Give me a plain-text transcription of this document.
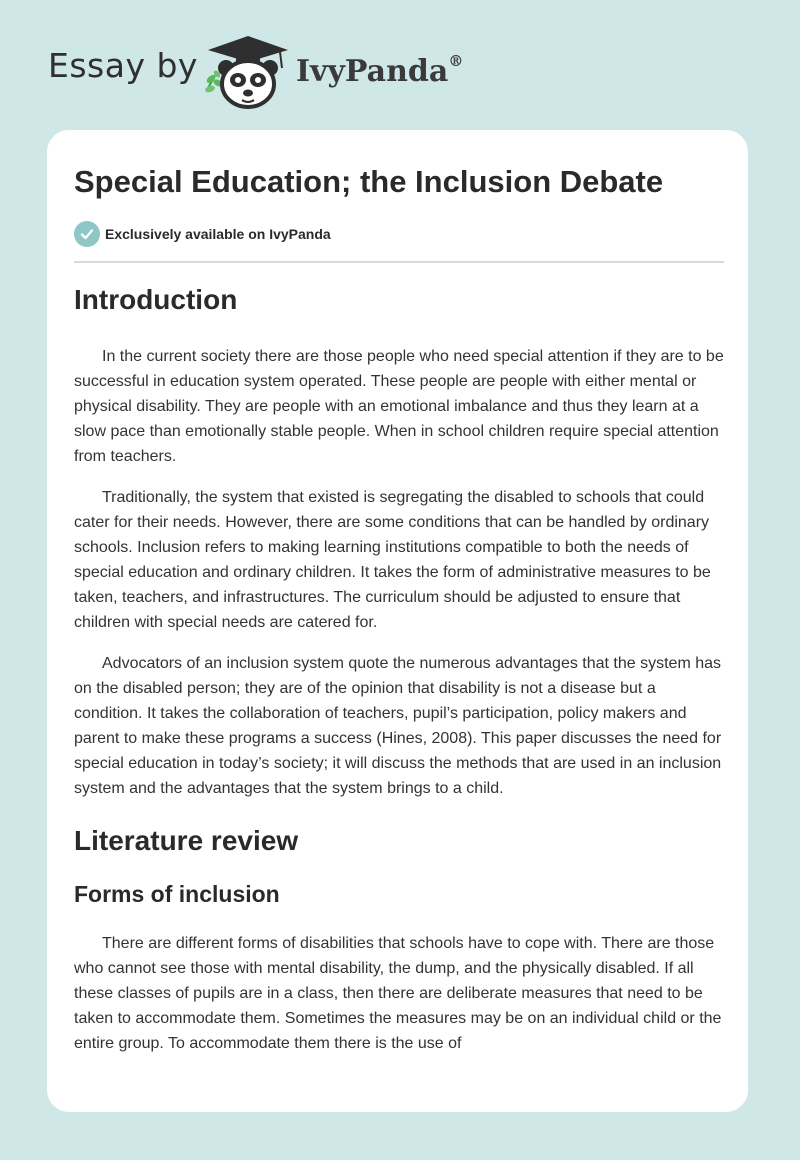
Essay by	IvyPanda®
Special Education; the Inclusion Debate
Exclusively available on IvyPanda
Introduction

In the current society there are those people who need special attention if they are to be successful in education system operated. These people are people with either mental or physical disability. They are people with an emotional imbalance and thus they learn at a slow pace than emotionally stable people. When in school children require special attention from teachers.

Traditionally, the system that existed is segregating the disabled to schools that could cater for their needs. However, there are some conditions that can be handled by ordinary schools. Inclusion refers to making learning institutions compatible to both the needs of special education and ordinary children. It takes the form of administrative measures to be taken, teachers, and infrastructures. The curriculum should be adjusted to ensure that children with special needs are catered for.

Advocators of an inclusion system quote the numerous advantages that the system has on the disabled person; they are of the opinion that disability is not a disease but a condition. It takes the collaboration of teachers, pupil’s participation, policy makers and parent to make these programs a success (Hines, 2008). This paper discusses the need for special education in today’s society; it will discuss the methods that are used in an inclusion system and the advantages that the system brings to a child.

Literature review
Forms of inclusion

There are different forms of disabilities that schools have to cope with. There are those who cannot see those with mental disability, the dump, and the physically disabled. If all these classes of pupils are in a class, then there are deliberate measures that need to be taken to accommodate them. Sometimes the measures may be on an individual child or the entire group. To accommodate them there is the use of
